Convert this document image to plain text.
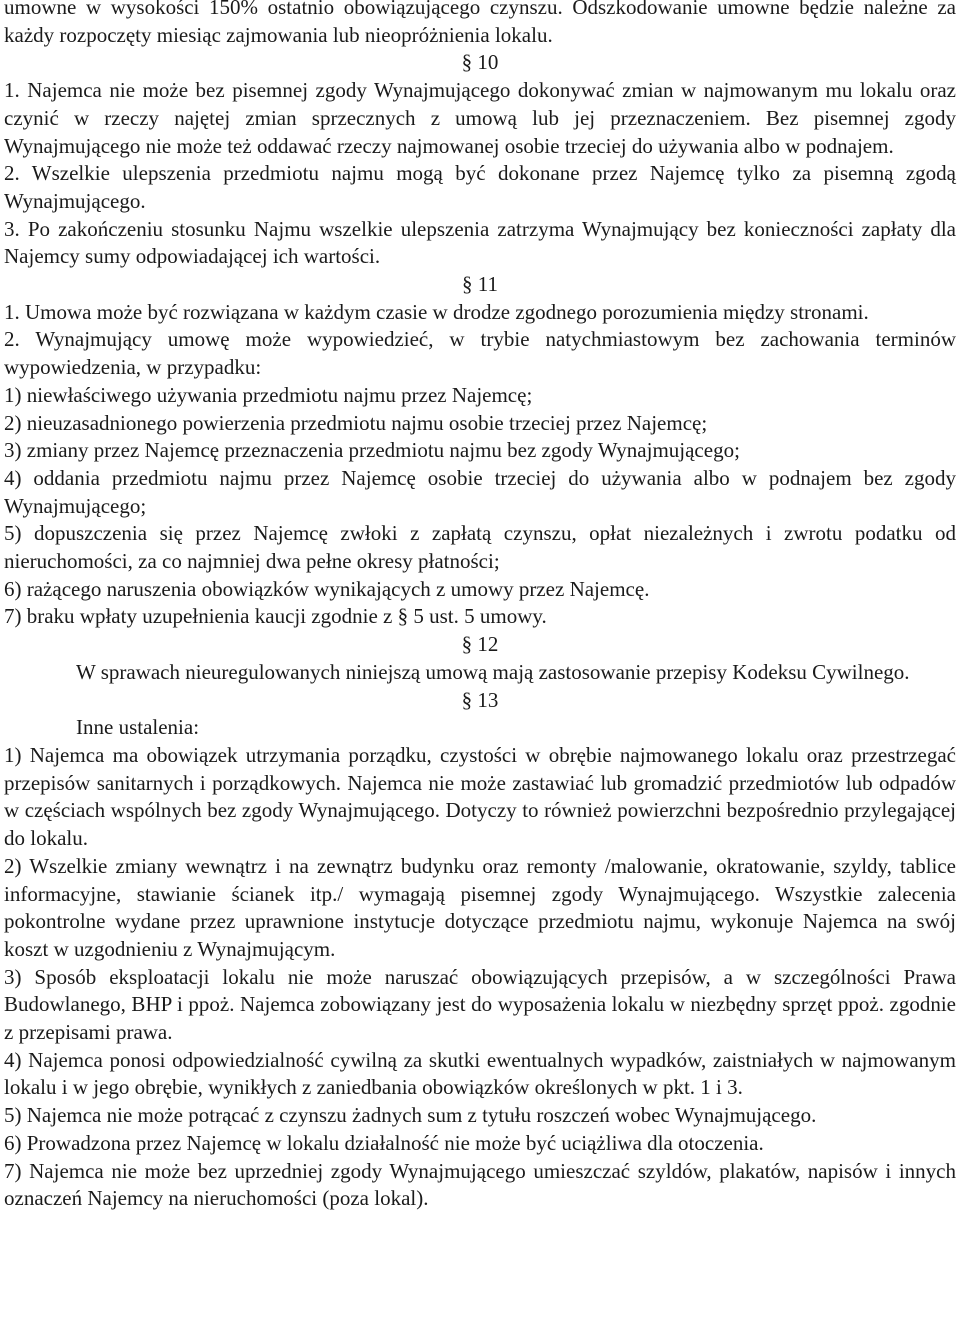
umowne w wysokości 150% ostatnio obowiązującego czynszu. Odszkodowanie umowne będzie należne za każdy rozpoczęty miesiąc zajmowania lub nieopróżnienia lokalu.

§ 10

1. Najemca nie może bez pisemnej zgody Wynajmującego dokonywać zmian w najmowanym mu lokalu oraz czynić w rzeczy najętej zmian sprzecznych z umową lub jej przeznaczeniem. Bez pisemnej zgody Wynajmującego nie może też oddawać rzeczy najmowanej osobie trzeciej do używania albo w podnajem.

2. Wszelkie ulepszenia przedmiotu najmu mogą być dokonane przez Najemcę tylko za pisemną zgodą Wynajmującego.

3. Po zakończeniu stosunku Najmu wszelkie ulepszenia zatrzyma Wynajmujący bez konieczności zapłaty dla Najemcy sumy odpowiadającej ich wartości.

§ 11

1. Umowa może być rozwiązana w każdym czasie w drodze zgodnego porozumienia między stronami.

2. Wynajmujący umowę może wypowiedzieć, w trybie natychmiastowym bez zachowania terminów wypowiedzenia, w przypadku:

1) niewłaściwego używania przedmiotu najmu przez Najemcę;

2) nieuzasadnionego powierzenia przedmiotu najmu osobie trzeciej przez Najemcę;

3) zmiany przez Najemcę przeznaczenia przedmiotu najmu bez zgody Wynajmującego;

4) oddania przedmiotu najmu przez Najemcę osobie trzeciej do używania albo w podnajem bez zgody Wynajmującego;

5) dopuszczenia się przez Najemcę zwłoki z zapłatą czynszu, opłat niezależnych i zwrotu podatku od nieruchomości, za co najmniej dwa pełne okresy płatności;

6) rażącego naruszenia obowiązków wynikających z umowy przez Najemcę.

7) braku wpłaty uzupełnienia kaucji zgodnie z § 5 ust. 5 umowy.

§ 12

W sprawach nieuregulowanych niniejszą umową mają zastosowanie przepisy Kodeksu Cywilnego.

§ 13

Inne ustalenia:

1) Najemca ma obowiązek utrzymania porządku, czystości w obrębie najmowanego lokalu oraz przestrzegać przepisów sanitarnych i porządkowych. Najemca nie może zastawiać lub gromadzić przedmiotów lub odpadów w częściach wspólnych bez zgody Wynajmującego. Dotyczy to również powierzchni bezpośrednio przylegającej do lokalu.

2) Wszelkie zmiany wewnątrz i na zewnątrz budynku oraz remonty /malowanie, okratowanie, szyldy, tablice informacyjne, stawianie ścianek itp./ wymagają pisemnej zgody Wynajmującego. Wszystkie zalecenia pokontrolne wydane przez uprawnione instytucje dotyczące przedmiotu najmu, wykonuje Najemca na swój koszt w uzgodnieniu z Wynajmującym.

3) Sposób eksploatacji lokalu nie może naruszać obowiązujących przepisów, a w szczególności Prawa Budowlanego, BHP i ppoż. Najemca zobowiązany jest do wyposażenia lokalu w niezbędny sprzęt ppoż. zgodnie z przepisami prawa.

4) Najemca ponosi odpowiedzialność cywilną za skutki ewentualnych wypadków, zaistniałych w najmowanym lokalu i w jego obrębie, wynikłych z zaniedbania obowiązków określonych w pkt. 1 i 3.

5) Najemca nie może potrącać z czynszu żadnych sum z tytułu roszczeń wobec Wynajmującego.

6) Prowadzona przez Najemcę w lokalu działalność nie może być uciążliwa dla otoczenia.

7) Najemca nie może bez uprzedniej zgody Wynajmującego umieszczać szyldów, plakatów, napisów i innych oznaczeń Najemcy na nieruchomości (poza lokal).
